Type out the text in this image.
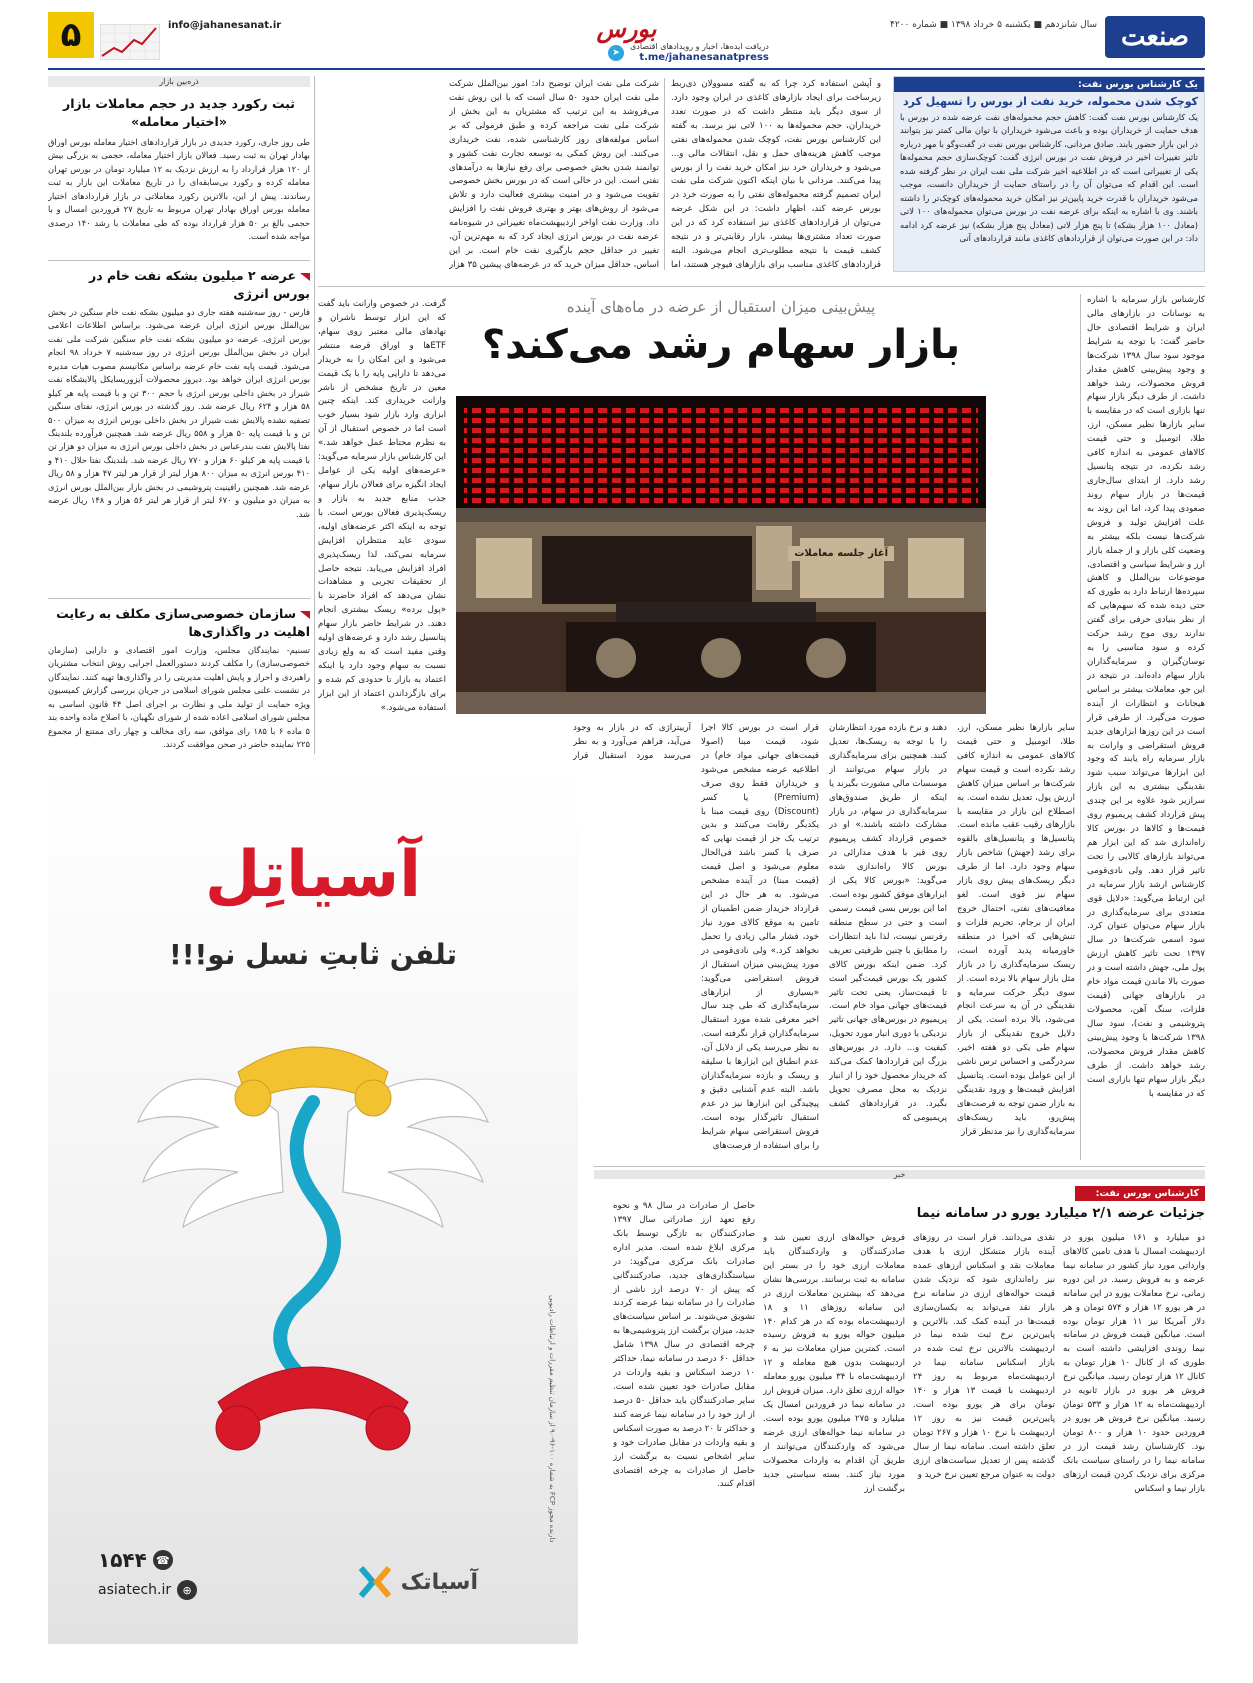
صنعت
سال شانزدهم ■ یکشنبه ۵ خرداد ۱۳۹۸ ■ شماره ۴۲۰۰
بورس
دریافت ایده‌ها، اخبار و رویدادهای اقتصادی
t.me/jahanesanatpress
➤
info@jahanesanat.ir
۵
یک کارشناس بورس نفت:
کوچک شدن محموله، خرید نفت از بورس را تسهیل کرد
یک کارشناس بورس نفت گفت: کاهش حجم محموله‌های نفت عرضه شده در بورس با هدف حمایت از خریداران بوده و باعث می‌شود خریداران با توان مالی کمتر نیز بتوانند در این بازار حضور یابند. صادق مردانی، کارشناس بورس نفت در گفت‌وگو با مهر درباره تاثیر تغییرات اخیر در فروش نفت در بورس انرژی گفت: کوچک‌سازی حجم محموله‌ها یکی از تغییراتی است که در اطلاعیه اخیر شرکت ملی نفت ایران در نظر گرفته شده است. این اقدام که می‌توان آن را در راستای حمایت از خریداران دانست، موجب می‌شود خریداران با قدرت خرید پایین‌تر نیز امکان خرید محموله‌های کوچک‌تر را داشته باشند. وی با اشاره به اینکه برای عرضه نفت در بورس می‌توان محموله‌های ۱۰۰ لاتی (معادل ۱۰۰ هزار بشکه) تا پنج هزار لاتی (معادل پنج هزار بشکه) نیز عرضه کرد ادامه داد: در این صورت می‌توان از قراردادهای کاغذی مانند قراردادهای آتی
و آپشن استفاده کرد چرا که به گفته مسوولان ذی‌ربط زیرساخت برای ایجاد بازارهای کاغذی در ایران وجود دارد. از سوی دیگر باید منتظر داشت که در صورت تعدد خریداران، حجم محموله‌ها به ۱۰۰ لاتی نیز برسد. به گفته این کارشناس بورس نفت، کوچک شدن محموله‌های نفتی موجب کاهش هزینه‌های حمل و نقل، انتقالات مالی و... می‌شود و خریداران خرد نیز امکان خرید نفت را از بورس پیدا می‌کنند. مردانی با بیان اینکه اکنون شرکت ملی نفت ایران تصمیم گرفته محموله‌های نفتی را به صورت خرد در بورس عرضه کند، اظهار داشت: در این شکل عرضه می‌توان از قراردادهای کاغذی نیز استفاده کرد که در این صورت تعداد مشتری‌ها بیشتر، بازار رقابتی‌تر و در نتیجه کشف قیمت با نتیجه مطلوب‌تری انجام می‌شود. البته قراردادهای کاغذی مناسب برای بازارهای فیوچر هستند، اما
شرکت ملی نفت ایران توضیح داد: امور بین‌الملل شرکت ملی نفت ایران حدود ۵۰ سال است که با این روش نفت می‌فروشد به این ترتیب که مشتریان به این بخش از شرکت ملی نفت مراجعه کرده و طبق فرمولی که بر اساس مولفه‌های روز کارشناسی شده، نفت خریداری می‌کنند. این روش کمکی به توسعه تجارت نفت کشور و توانمند شدن بخش خصوصی برای رفع نیازها به درآمدهای نفتی است. این در حالی است که در بورس بخش خصوصی تقویت می‌شود و در امنیت بیشتری فعالیت دارد و تلاش می‌شود از روش‌های بهتر و بهتری فروش نفت را افزایش داد. وزارت نفت اواخر اردیبهشت‌ماه تغییراتی در شیوه‌نامه عرضه نفت در بورس انرژی ایجاد کرد که به مهم‌ترین آن، تغییر در حداقل حجم بارگیری نفت خام است. بر این اساس، حداقل میزان خرید که در عرضه‌های پیشین ۳۵ هزار
ذره‌بین بازار
ثبت رکورد جدید در حجم معاملات بازار «اختیار معامله»
طی روز جاری، رکورد جدیدی در بازار قراردادهای اختیار معامله بورس اوراق بهادار تهران به ثبت رسید. فعالان بازار اختیار معامله، حجمی به بزرگی بیش از ۱۲۰ هزار قرارداد را به ارزش نزدیک به ۱۲ میلیارد تومان در بورس تهران معامله کرده و رکورد بی‌سابقه‌ای را در تاریخ معاملات این بازار به ثبت رساندند. پیش از این، بالاترین رکورد معاملاتی در بازار قراردادهای اختیار معامله بورس اوراق بهادار تهران مربوط به تاریخ ۲۷ فروردین امسال و با حجمی بالغ بر ۵۰ هزار قرارداد بوده که طی معاملات با رشد ۱۴۰ درصدی مواجه شده است.
عرضه ۲ میلیون بشکه نفت خام در بورس انرژی
فارس - روز سه‌شنبه هفته جاری دو میلیون بشکه نفت خام سنگین در بخش بین‌الملل بورس انرژی ایران عرضه می‌شود. براساس اطلاعات اعلامی بورس انرژی، عرضه دو میلیون بشکه نفت خام سنگین شرکت ملی نفت ایران در بخش بین‌الملل بورس انرژی در روز سه‌شنبه ۷ خرداد ۹۸ انجام می‌شود. قیمت پایه نفت خام عرضه براساس مکانیسم مصوب هیات مدیره بورس انرژی ایران خواهد بود. دیروز محصولات آیزوریسایکل پالایشگاه نفت شیراز در بخش داخلی بورس انرژی با حجم ۳۰۰ تن و با قیمت پایه هر کیلو ۵۸ هزار و ۶۲۴ ریال عرضه شد. روز گذشته در بورس انرژی، نفتای سنگین تصفیه نشده پالایش نفت شیراز در بخش داخلی بورس انرژی به میزان ۵۰۰ تن و با قیمت پایه ۵۰ هزار و ۵۵۸ ریال عرضه شد. همچنین فرآورده بلندینگ نفتا پالایش نفت بندرعباس در بخش داخلی بورس انرژی به میزان دو هزار تن با قیمت پایه هر کیلو ۶۰ هزار و ۷۷۰ ریال عرضه شد. بلندینگ نفتا حلال ۴۱۰ و ۴۱۰ بورس انرژی به میزان ۸۰۰ هزار لیتر از قرار هر لیتر ۴۷ هزار و ۵۸ ریال عرضه شد. همچنین رافینیت پتروشیمی در بخش بازار بین‌الملل بورس انرژی به میزان دو میلیون و ۶۷۰ لیتر از قرار هر لیتر ۵۶ هزار و ۱۴۸ ریال عرضه شد.
سازمان خصوصی‌سازی مکلف به رعایت اهلیت در واگذاری‌ها
تسنیم- نمایندگان مجلس، وزارت امور اقتصادی و دارایی (سازمان خصوصی‌سازی) را مکلف کردند دستورالعمل اجرایی روش انتخاب مشتریان راهبردی و احراز و پایش اهلیت مدیریتی را در واگذاری‌ها تهیه کنند. نمایندگان در نشست علنی مجلس شورای اسلامی در جریان بررسی گزارش کمیسیون ویژه حمایت از تولید ملی و نظارت بر اجرای اصل ۴۴ قانون اساسی به مجلس شورای اسلامی اعاده شده از شورای نگهبان، با اصلاح ماده واحده بند ۵ ماده ۶ با ۱۸۵ رای موافق، سه رای مخالف و چهار رای ممتنع از مجموع ۲۲۵ نماینده حاضر در صحن موافقت کردند.
پیش‌بینی میزان استقبال از عرضه در ماه‌های آینده
بازار سهام رشد می‌کند؟
کارشناس بازار سرمایه با اشاره به نوسانات در بازارهای مالی ایران و شرایط اقتصادی حال حاضر گفت: با توجه به شرایط موجود سود سال ۱۳۹۸ شرکت‌ها و وجود پیش‌بینی کاهش مقدار فروش محصولات، رشد خواهد داشت. از طرف دیگر بازار سهام تنها بازاری است که در مقایسه با سایر بازارها نظیر مسکن، ارز، طلا، اتومبیل و حتی قیمت کالاهای عمومی به اندازه کافی رشد نکرده، در نتیجه پتانسیل رشد دارد. از ابتدای سال‌جاری قیمت‌ها در بازار سهام روند صعودی پیدا کرد، اما این روند به علت افزایش تولید و فروش شرکت‌ها نیست بلکه بیشتر به وضعیت کلی بازار و از جمله بازار ارز و شرایط سیاسی و اقتصادی، موضوعات بین‌الملل و کاهش سپرده‌ها ارتباط دارد به طوری که حتی دیده شده که سهم‌هایی که از نظر بنیادی حرفی برای گفتن ندارند روی موج رشد حرکت کرده و سود مناسبی را به نوسان‌گیران و سرمایه‌گذاران بازار سهام داده‌اند. در نتیجه در این جو، معاملات بیشتر بر اساس هیجانات و انتظارات از آینده صورت می‌گیرد. از طرفی قرار است در این روزها ابزارهای جدید فروش استقراضی و وارانت به بازار سرمایه راه یابند که وجود این ابزارها می‌تواند سبب شود نقدینگی بیشتری به این بازار سرازیر شود علاوه بر این چندی پیش قرارداد کشف پریمیوم روی قیمت‌ها و کالاها در بورس کالا راه‌اندازی شد که این ابزار هم می‌تواند بازارهای کالایی را تحت تاثیر قرار دهد. ولی نادی‌قومی کارشناس ارشد بازار سرمایه در این ارتباط می‌گوید: «دلایل قوی متعددی برای سرمایه‌گذاری در بازار سهام می‌توان عنوان کرد. سود اسمی شرکت‌ها در سال ۱۳۹۷ تحت تاثیر کاهش ارزش پول ملی، جهش داشته است و در صورت بالا ماندن قیمت مواد خام در بازارهای جهانی (قیمت فلزات، سنگ آهن، محصولات پتروشیمی و نفت)، سود سال ۱۳۹۸ شرکت‌ها با وجود پیش‌بینی کاهش مقدار فروش محصولات، رشد خواهد داشت. از طرف دیگر بازار سهام تنها بازاری است که در مقایسه با
سایر بازارها نظیر مسکن، ارز، طلا، اتومبیل و حتی قیمت کالاهای عمومی به اندازه کافی رشد نکرده است و قیمت سهام شرکت‌ها بر اساس میزان کاهش ارزش پول، تعدیل نشده است. به اصطلاح این بازار در مقایسه با بازارهای رقیب عقب مانده است. پتانسیل‌ها و پتانسیل‌های بالقوه برای رشد (جهش) شاخص بازار سهام وجود دارد. اما از طرف دیگر ریسک‌های پیش روی بازار سهام نیز قوی است. لغو معافیت‌های نفتی، احتمال خروج ایران از برجام، تحریم فلزات و تنش‌هایی که اخیرا در منطقه خاورمیانه پدید آورده است، ریسک سرمایه‌گذاری را در بازار مثل بازار سهام بالا برده است. از سوی دیگر حرکت سرمایه و نقدینگی در آن به سرعت انجام می‌شود، بالا برده است. یکی از دلایل خروج نقدینگی از بازار سهام طی یکی دو هفته اخیر، سردرگمی و احساس ترس ناشی از این عوامل بوده است. پتانسیل افزایش قیمت‌ها و ورود نقدینگی به بازار ضمن توجه به فرصت‌های پیش‌رو، باید ریسک‌های سرمایه‌گذاری را نیز مدنظر قرار
دهند و نرخ بازده مورد انتظارشان را با توجه به ریسک‌ها، تعدیل کنند. همچنین برای سرمایه‌گذاری در بازار سهام می‌توانند از موسسات مالی مشورت بگیرند یا اینکه از طریق صندوق‌های سرمایه‌گذاری در سهام، در بازار مشارکت داشته باشند.» او در خصوص قرارداد کشف پریمیوم روی قیر با هدف مدارائی در بورس کالا راه‌اندازی شده می‌گوید: «بورس کالا یکی از ابزارهای موفق کشور بوده است. اما این بورس بسی قیمت رسمی است و حتی در سطح منطقه رفرنس نیست، لذا باید انتظارات را مطابق با چنین ظرفیتی تعریف کرد. ضمن اینکه بورس کالای کشور یک بورس قیمت‌گیر است تا قیمت‌ساز، یعنی تحت تاثیر قیمت‌های جهانی مواد خام است. پریمیوم در بورس‌های جهانی تاثیر نزدیکی با دوری انبار مورد تحویل، کیفیت و... دارد. در بورس‌های بزرگ این قراردادها کمک می‌کند که خریدار محصول خود را از انبار نزدیک به محل مصرف تحویل بگیرد. در قراردادهای کشف پریمیومی که
قرار است در بورس کالا اجرا شود، قیمت مبنا (اصولا قیمت‌های جهانی مواد خام) در اطلاعیه عرضه مشخص می‌شود و خریداران فقط روی صرف (Premium) یا کسر (Discount) روی قیمت مبنا با یکدیگر رقابت می‌کنند و بدین ترتیب یک جز از قیمت نهایی که صرف یا کسر باشد فی‌الحال معلوم می‌شود و اصل قیمت (قیمت مبنا) در آینده مشخص می‌شود. به هر حال در این قرارداد خریدار ضمن اطمینان از تامین به موقع کالای مورد نیاز خود، فشار مالی زیادی را تحمل نخواهد کرد.» ولی نادی‌قومی در مورد پیش‌بینی میزان استقبال از فروش استقراضی می‌گوید: «بسیاری از ابزارهای سرمایه‌گذاری که طی چند سال اخیر معرفی شده مورد استقبال سرمایه‌گذاران قرار نگرفته است. به نظر می‌رسد یکی از دلایل آن، عدم انطباق این ابزارها با سلیقه و ریسک و بازده سرمایه‌گذاران باشد. البته عدم آشنایی دقیق و پیچیدگی این ابزارها نیز در عدم استقبال تاثیرگذار بوده است. فروش استقراضی سهام شرایط را برای استفاده از فرصت‌های
آربیتراژی که در بازار به وجود می‌آید، فراهم می‌آورد و به نظر می‌رسد مورد استقبال قرار
گرفت. در خصوص وارانت باید گفت که این ابزار توسط ناشران و نهادهای مالی معتبر روی سهام، ETFها و اوراق قرضه منتشر می‌شود و این امکان را به خریدار می‌دهد تا دارایی پایه را با یک قیمت معین در تاریخ مشخص از ناشر وارانت خریداری کند. اینکه چنین ابزاری وارد بازار شود بسیار خوب است اما در خصوص استقبال از آن به نظرم محتاط عمل خواهد شد.» این کارشناس بازار سرمایه می‌گوید: «عرضه‌های اولیه یکی از عوامل ایجاد انگیزه برای فعالان بازار سهام، جذب منابع جدید به بازار و ریسک‌پذیری فعالان بورس است. با توجه به اینکه اکثر عرضه‌های اولیه، سودی عاید منتظران افزایش سرمایه نمی‌کند، لذا ریسک‌پذیری افراد افزایش می‌یابد. نتیجه حاصل از تحقیقات تجربی و مشاهدات نشان می‌دهد که افراد حاضرند با «پول برده» ریسک بیشتری انجام دهند. در شرایط حاضر بازار سهام پتانسیل رشد دارد و عرضه‌های اولیه وقتی مفید است که به ولع زیادی نسبت به سهام وجود دارد یا اینکه اعتماد به بازار تا حدودی کم شده و برای بازگرداندن اعتماد از این ابزار استفاده می‌شود.»
آغاز جلسه معاملات
آسیاتِل
تلفن ثابتِ نسل نو!!!
دارنده مجوز FCP به شماره ۱۰۰-۹۶-۹۰ از سازمان تنظیم مقررات و ارتباطات رادیویی
☎
۱۵۴۴
⊕
asiatech.ir	آسیاتک
خبر
کارشناس بورس نفت:
جزئیات عرضه ۲/۱ میلیارد یورو در سامانه نیما
دو میلیارد و ۱۶۱ میلیون یورو در اردیبهشت امسال با هدف تامین کالاهای وارداتی مورد نیاز کشور در سامانه نیما عرضه و به فروش رسید. در این دوره زمانی، نرخ معاملات یورو در این سامانه در هر یورو ۱۲ هزار و ۵۷۴ تومان و هر دلار آمریکا نیز ۱۱ هزار تومان بوده است. میانگین قیمت فروش در سامانه نیما روندی افزایشی داشته است به طوری که از کانال ۱۰ هزار تومان به کانال ۱۲ هزار تومان رسید. میانگین نرخ فروش هر یورو در بازار ثانویه در اردیبهشت‌ماه به ۱۲ هزار و ۵۳۳ تومان رسید. میانگین نرخ فروش هر یورو در فروردین حدود ۱۰ هزار و ۸۰۰ تومان بود. کارشناسان رشد قیمت ارز در سامانه نیما را در راستای سیاست بانک مرکزی برای نزدیک کردن قیمت ارزهای بازار نیما و اسکناس
نقدی می‌دانند. قرار است در روزهای آینده بازار متشکل ارزی با هدف معاملات نقد و اسکناس ارزهای عمده نیز راه‌اندازی شود که نزدیک شدن قیمت حواله‌های ارزی در سامانه نرخ بازار نقد می‌تواند به یکسان‌سازی قیمت‌ها در آینده کمک کند. بالاترین و پایین‌ترین نرخ ثبت شده نیما در اردیبهشت بالاترین نرخ ثبت شده در بازار اسکناس سامانه نیما در اردیبهشت‌ماه مربوط به روز ۲۴ اردیبهشت با قیمت ۱۳ هزار و ۱۴۰ تومان برای هر یورو بوده است. پایین‌ترین قیمت نیز به روز ۱۲ اردیبهشت با نرخ ۱۰ هزار و ۲۶۷ تومان تعلق داشته است. سامانه نیما از سال گذشته پس از تعدیل سیاست‌های ارزی دولت به عنوان مرجع تعیین نرخ خرید و
فروش حواله‌های ارزی تعیین شد و صادرکنندگان و واردکنندگان باید معاملات ارزی خود را در بستر این سامانه به ثبت برسانند. بررسی‌ها نشان می‌دهد که بیشترین معاملات ارزی در این سامانه روزهای ۱۱ و ۱۸ اردیبهشت‌ماه بوده که در هر کدام ۱۴۰ میلیون حواله یورو به فروش رسیده است. کمترین میزان معاملات نیز به ۶ اردیبهشت بدون هیچ معامله و ۱۲ اردیبهشت‌ماه با ۳۴ میلیون یورو معامله حواله ارزی تعلق دارد. میزان فروش ارز در سامانه نیما در فروردین امسال یک میلیارد و ۲۷۵ میلیون یورو بوده است. در سامانه نیما حواله‌های ارزی عرضه می‌شود که واردکنندگان می‌توانند از طریق آن اقدام به واردات محصولات مورد نیاز کنند. بسته سیاستی جدید برگشت ارز
حاصل از صادرات در سال ۹۸ و نحوه رفع تعهد ارز صادراتی سال ۱۳۹۷ صادرکنندگان به تازگی توسط بانک مرکزی ابلاغ شده است. مدیر اداره صادرات بانک مرکزی می‌گوید: در سیاستگذاری‌های جدید، صادرکنندگانی که پیش از ۷۰ درصد ارز ناشی از صادرات را در سامانه نیما عرضه کردند تشویق می‌شوند. بر اساس سیاست‌های جدید، میزان برگشت ارز پتروشیمی‌ها به چرخه اقتصادی در سال ۱۳۹۸ شامل حداقل ۶۰ درصد در سامانه نیما، حداکثر ۱۰ درصد اسکناس و بقیه واردات در مقابل صادرات خود تعیین شده است. سایر صادرکنندگان باید حداقل ۵۰ درصد از ارز خود را در سامانه نیما عرضه کنند و حداکثر تا ۲۰ درصد به صورت اسکناس و بقیه واردات در مقابل صادرات خود و سایر اشخاص نسبت به برگشت ارز حاصل از صادرات به چرخه اقتصادی اقدام کنند.
